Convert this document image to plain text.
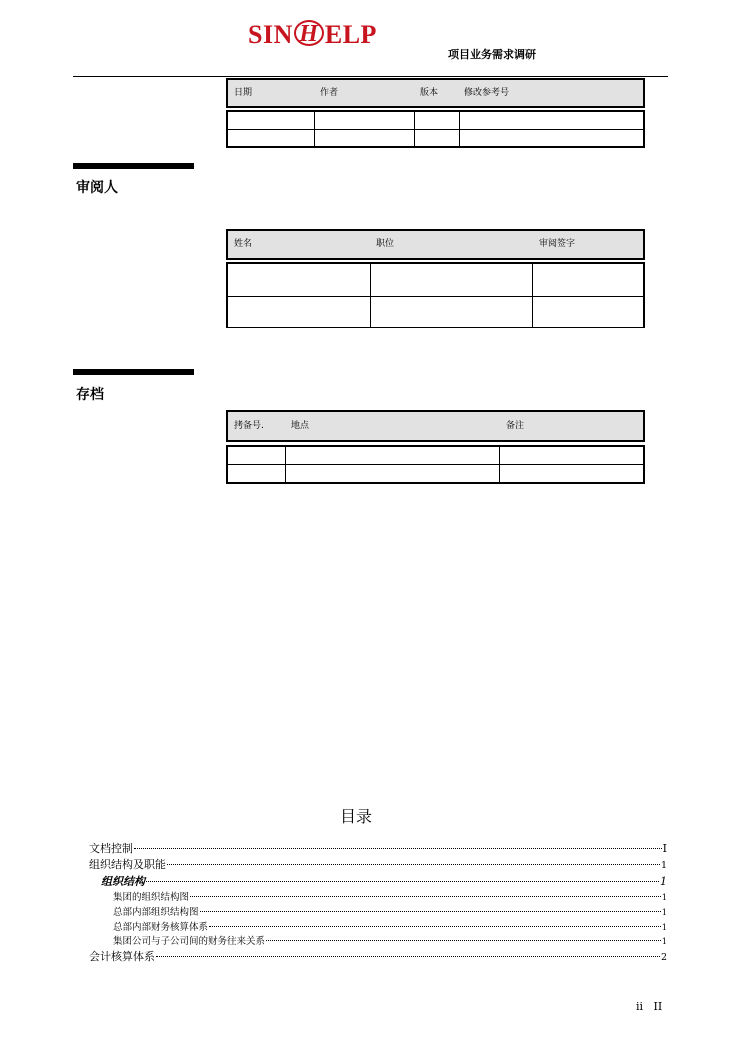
SIN H ELP
项目业务需求调研
日期	作者	版本	修改参考号
审阅人
姓名	职位	审阅签字
存档
拷备号.	地点	备注
目录
文档控制	I
组织结构及职能	1
组织结构	1
集团的组织结构图	1
总部内部组织结构图	1
总部内部财务核算体系	1
集团公司与子公司间的财务往来关系	1
会计核算体系	2
ii   II
